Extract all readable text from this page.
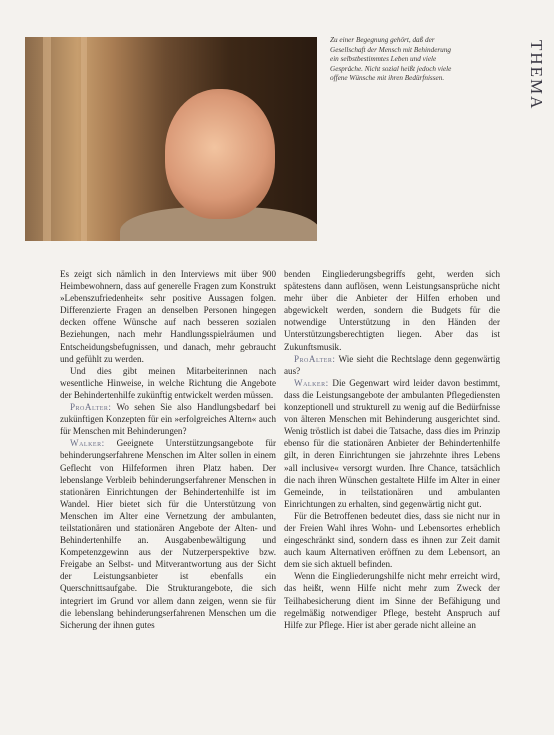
Zu einer Begegnung gehört, daß der Gesellschaft der Mensch mit Behinderung ein selbstbestimmtes Leben und viele Gespräche. Nicht sozial heißt jedoch viele offene Wünsche mit ihren Bedürfnissen.	THEMA

Es zeigt sich nämlich in den Interviews mit über 900 Heimbewohnern, dass auf generelle Fragen zum Konstrukt »Lebenszufriedenheit« sehr positive Aussagen folgen. Differenzierte Fragen an denselben Personen hingegen decken offene Wünsche auf nach besseren sozialen Beziehungen, nach mehr Handlungsspielräumen und Entscheidungsbefugnissen, und danach, mehr gebraucht und gefühlt zu werden.

Und dies gibt meinen Mitarbeiterinnen nach wesentliche Hinweise, in welche Richtung die Angebote der Behindertenhilfe zukünftig entwickelt werden müssen.

ProAlter: Wo sehen Sie also Handlungsbedarf bei zukünftigen Konzepten für ein »erfolgreiches Altern« auch für Menschen mit Behinderungen?

Walker: Geeignete Unterstützungsangebote für behinderungserfahrene Menschen im Alter sollen in einem Geflecht von Hilfeformen ihren Platz haben. Der lebenslange Verbleib behinderungserfahrener Menschen in stationären Einrichtungen der Behindertenhilfe ist im Wandel. Hier bietet sich für die Unterstützung von Menschen im Alter eine Vernetzung der ambulanten, teilstationären und stationären Angebote der Alten- und Behindertenhilfe an. Ausgabenbewältigung und Kompetenzgewinn aus der Nutzerperspektive bzw. Freigabe an Selbst- und Mitverantwortung aus der Sicht der Leistungsanbieter ist ebenfalls ein Querschnittsaufgabe. Die Strukturangebote, die sich integriert im Grund vor allem dann zeigen, wenn sie für die lebenslang behinderungserfahrenen Menschen um die Sicherung der ihnen gutes

benden Eingliederungsbegriffs geht, werden sich spätestens dann auflösen, wenn Leistungsansprüche nicht mehr über die Anbieter der Hilfen erhoben und abgewickelt werden, sondern die Budgets für die notwendige Unterstützung in den Händen der Unterstützungsberechtigten liegen. Aber das ist Zukunftsmusik.

ProAlter: Wie sieht die Rechtslage denn gegenwärtig aus?

Walker: Die Gegenwart wird leider davon bestimmt, dass die Leistungsangebote der ambulanten Pflegediensten konzeptionell und strukturell zu wenig auf die Bedürfnisse von älteren Menschen mit Behinderung ausgerichtet sind. Wenig tröstlich ist dabei die Tatsache, dass dies im Prinzip ebenso für die stationären Anbieter der Behindertenhilfe gilt, in deren Einrichtungen sie jahrzehnte ihres Lebens »all inclusive« versorgt wurden. Ihre Chance, tatsächlich die nach ihren Wünschen gestaltete Hilfe im Alter in einer Gemeinde, in teilstationären und ambulanten Einrichtungen zu erhalten, sind gegenwärtig nicht gut.

Für die Betroffenen bedeutet dies, dass sie nicht nur in der Freien Wahl ihres Wohn- und Lebensortes erheblich eingeschränkt sind, sondern dass es ihnen zur Zeit damit auch kaum Alternativen eröffnen zu dem Lebensort, an dem sie sich aktuell befinden.

Wenn die Eingliederungshilfe nicht mehr erreicht wird, das heißt, wenn Hilfe nicht mehr zum Zweck der Teilhabesicherung dient im Sinne der Befähigung und regelmäßig notwendiger Pflege, besteht Anspruch auf Hilfe zur Pflege. Hier ist aber gerade nicht alleine an
